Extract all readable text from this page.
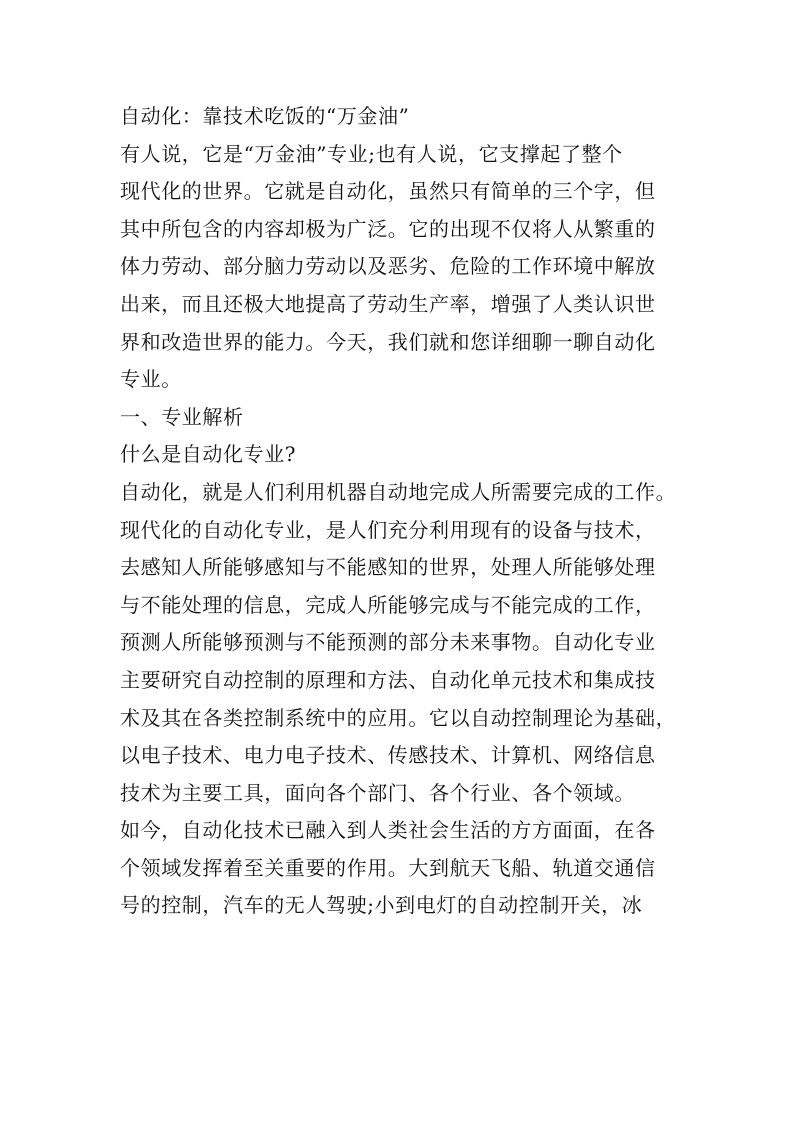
自动化：靠技术吃饭的“万金油”
有人说，它是“万金油”专业;也有人说，它支撑起了整个
现代化的世界。它就是自动化，虽然只有简单的三个字，但
其中所包含的内容却极为广泛。它的出现不仅将人从繁重的
体力劳动、部分脑力劳动以及恶劣、危险的工作环境中解放
出来，而且还极大地提高了劳动生产率，增强了人类认识世
界和改造世界的能力。今天，我们就和您详细聊一聊自动化
专业。
一、专业解析
什么是自动化专业?
自动化，就是人们利用机器自动地完成人所需要完成的工作。
现代化的自动化专业，是人们充分利用现有的设备与技术，
去感知人所能够感知与不能感知的世界，处理人所能够处理
与不能处理的信息，完成人所能够完成与不能完成的工作，
预测人所能够预测与不能预测的部分未来事物。自动化专业
主要研究自动控制的原理和方法、自动化单元技术和集成技
术及其在各类控制系统中的应用。它以自动控制理论为基础，
以电子技术、电力电子技术、传感技术、计算机、网络信息
技术为主要工具，面向各个部门、各个行业、各个领域。
如今，自动化技术已融入到人类社会生活的方方面面，在各
个领域发挥着至关重要的作用。大到航天飞船、轨道交通信
号的控制，汽车的无人驾驶;小到电灯的自动控制开关，冰
